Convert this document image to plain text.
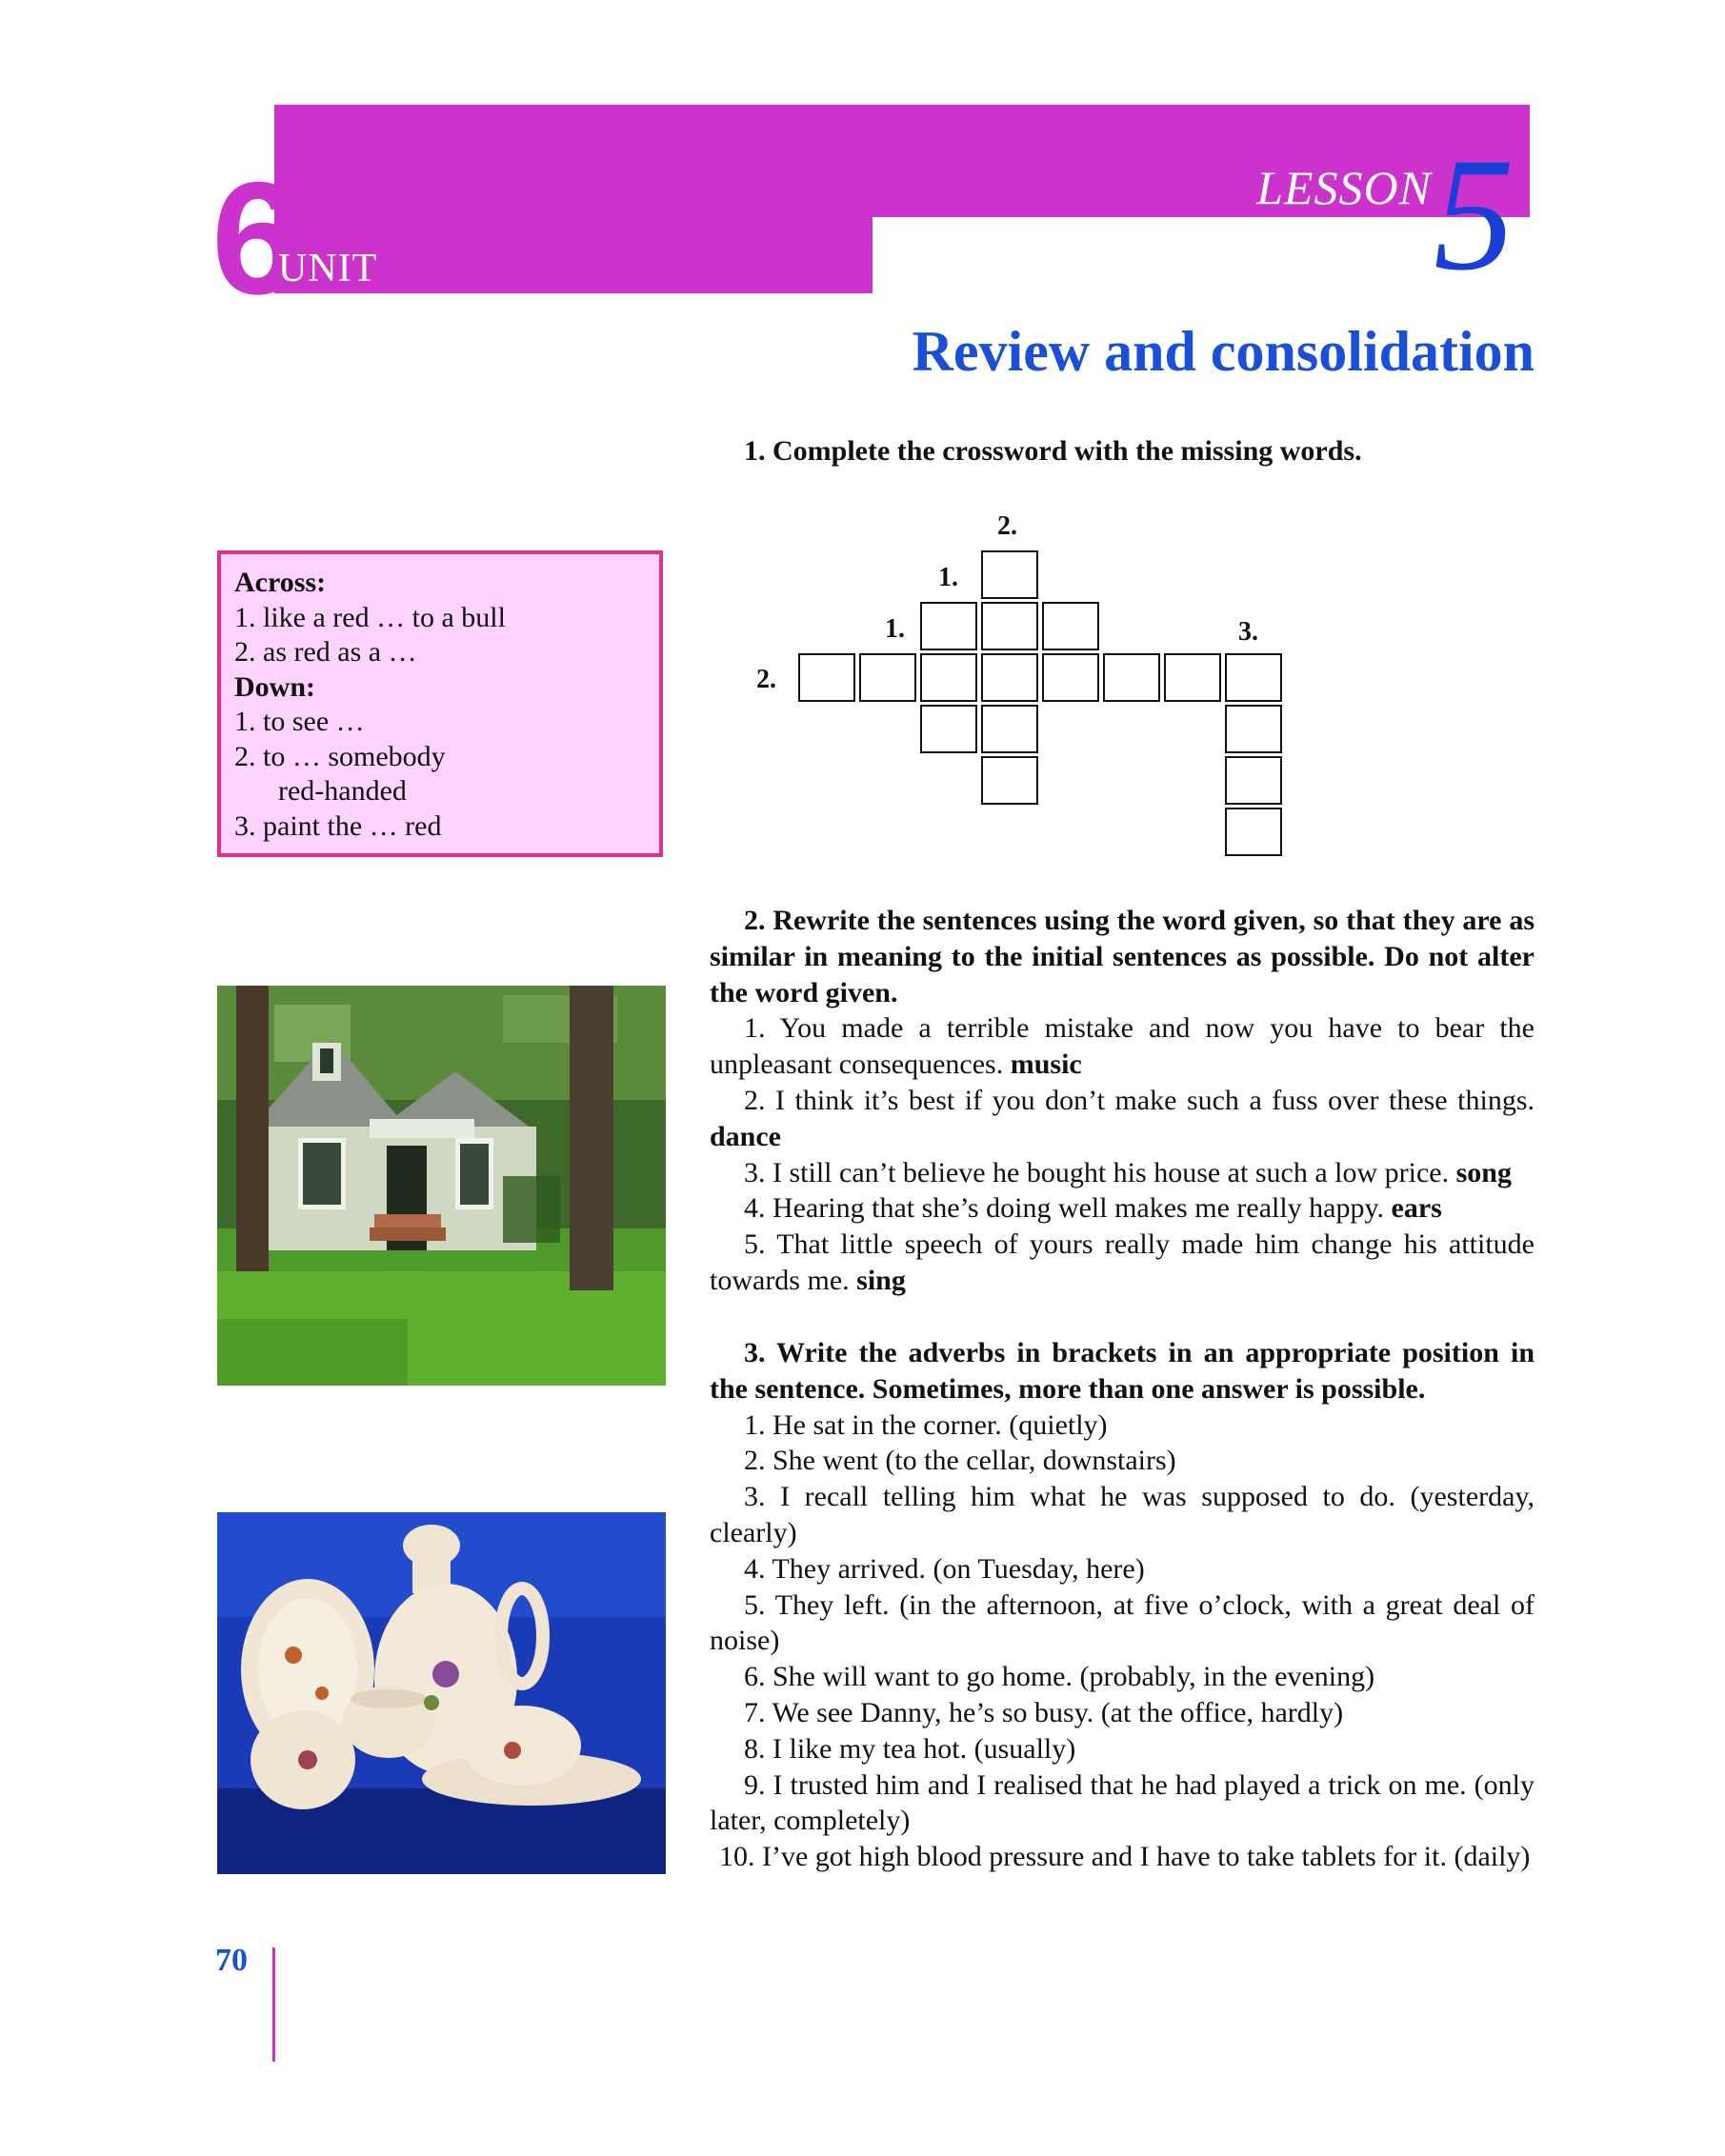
6
UNIT
LESSON 5
Review and consolidation
Across:
1. like a red … to a bull
2. as red as a …
Down:
1. to see …
2. to … somebody
red-handed
3. paint the … red

1. Complete the crossword with the missing words.

2.
1.
1.	3.
2.

2. Rewrite the sentences using the word given, so that they are as similar in meaning to the initial sentences as possible. Do not alter the word given.

1. You made a terrible mistake and now you have to bear the unpleasant consequences. music

2. I think it’s best if you don’t make such a fuss over these things. dance

3. I still can’t believe he bought his house at such a low price. song

4. Hearing that she’s doing well makes me really happy. ears

5. That little speech of yours really made him change his attitude towards me. sing

3. Write the adverbs in brackets in an appropriate position in the sentence. Sometimes, more than one answer is possible.

1. He sat in the corner. (quietly)

2. She went (to the cellar, downstairs)

3. I recall telling him what he was supposed to do. (yesterday, clearly)

4. They arrived. (on Tuesday, here)

5. They left. (in the afternoon, at five o’clock, with a great deal of noise)

6. She will want to go home. (probably, in the evening)

7. We see Danny, he’s so busy. (at the office, hardly)

8. I like my tea hot. (usually)

9. I trusted him and I realised that he had played a trick on me. (only later, completely)

10. I’ve got high blood pressure and I have to take tablets for it. (daily)

70
